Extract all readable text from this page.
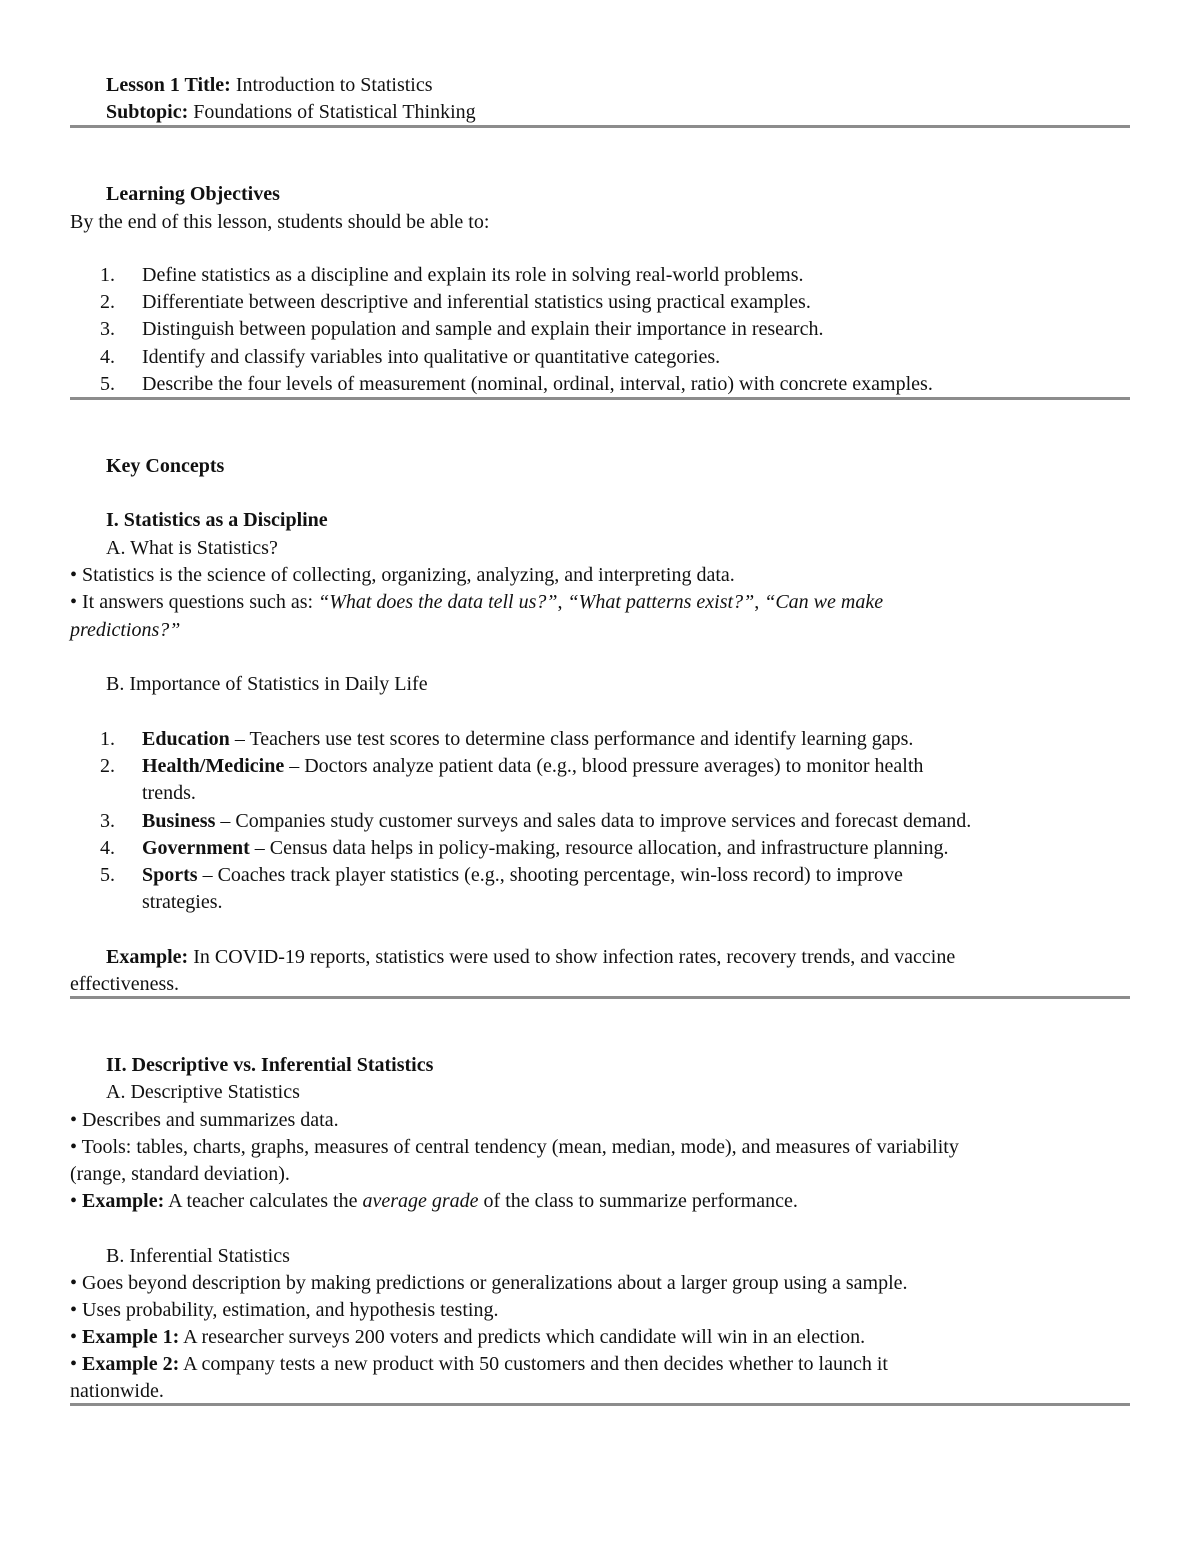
Lesson 1 Title: Introduction to Statistics
Subtopic: Foundations of Statistical Thinking
Learning Objectives
By the end of this lesson, students should be able to:
1. Define statistics as a discipline and explain its role in solving real-world problems.
2. Differentiate between descriptive and inferential statistics using practical examples.
3. Distinguish between population and sample and explain their importance in research.
4. Identify and classify variables into qualitative or quantitative categories.
5. Describe the four levels of measurement (nominal, ordinal, interval, ratio) with concrete examples.
Key Concepts
I. Statistics as a Discipline
A. What is Statistics?
• Statistics is the science of collecting, organizing, analyzing, and interpreting data.
• It answers questions such as: “What does the data tell us?”, “What patterns exist?”, “Can we make
predictions?”
B. Importance of Statistics in Daily Life
1. Education – Teachers use test scores to determine class performance and identify learning gaps.
2. Health/Medicine – Doctors analyze patient data (e.g., blood pressure averages) to monitor health
trends.
3. Business – Companies study customer surveys and sales data to improve services and forecast demand.
4. Government – Census data helps in policy-making, resource allocation, and infrastructure planning.
5. Sports – Coaches track player statistics (e.g., shooting percentage, win-loss record) to improve
strategies.
Example: In COVID-19 reports, statistics were used to show infection rates, recovery trends, and vaccine
effectiveness.
II. Descriptive vs. Inferential Statistics
A. Descriptive Statistics
• Describes and summarizes data.
• Tools: tables, charts, graphs, measures of central tendency (mean, median, mode), and measures of variability
(range, standard deviation).
• Example: A teacher calculates the average grade of the class to summarize performance.
B. Inferential Statistics
• Goes beyond description by making predictions or generalizations about a larger group using a sample.
• Uses probability, estimation, and hypothesis testing.
• Example 1: A researcher surveys 200 voters and predicts which candidate will win in an election.
• Example 2: A company tests a new product with 50 customers and then decides whether to launch it
nationwide.
